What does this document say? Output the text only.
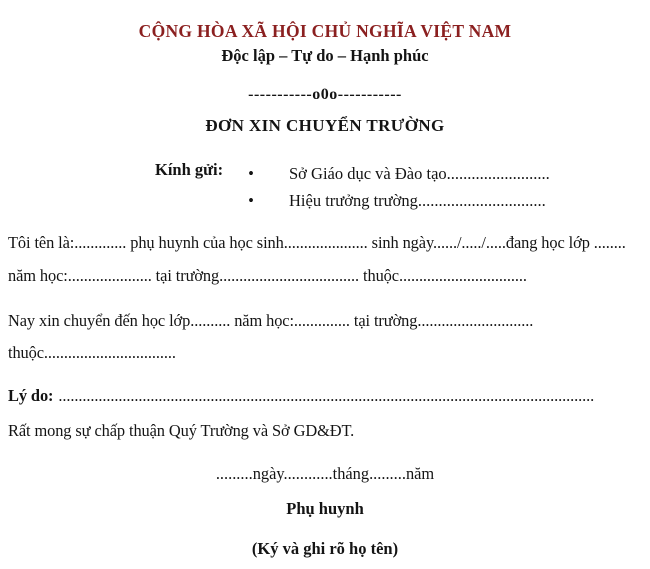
CỘNG HÒA XÃ HỘI CHỦ NGHĨA VIỆT NAM
Độc lập – Tự do – Hạnh phúc
-----------o0o-----------
ĐƠN XIN CHUYỂN TRƯỜNG
Kính gửi:	•	Sở Giáo dục và Đào tạo.........................
•	Hiệu trưởng trường...............................
Tôi tên là:............. phụ huynh của học sinh..................... sinh ngày....../...../.....đang học lớp ........
năm học:..................... tại trường................................... thuộc................................
Nay xin chuyển đến học lớp.......... năm học:.............. tại trường.............................
thuộc.................................
Lý do: ......................................................................................................................................
Rất mong sự chấp thuận Quý Trường và Sở GD&ĐT.
.........ngày............tháng.........năm
Phụ huynh
(Ký và ghi rõ họ tên)
